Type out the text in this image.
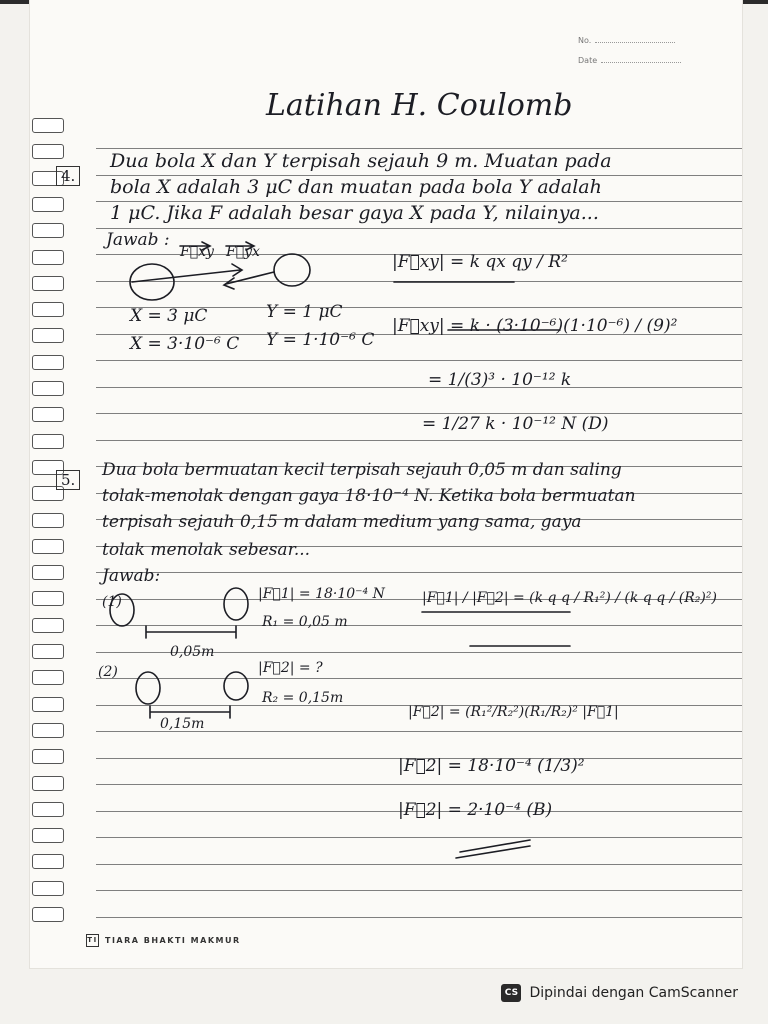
No.
Date
Latihan H. Coulomb
4.
Dua bola X dan Y terpisah sejauh 9 m. Muatan pada
bola X adalah 3 μC dan muatan pada bola Y adalah
1 μC. Jika F adalah besar gaya X pada Y, nilainya...
Jawab :
F⃗xy F⃗yx
X = 3 μC
X = 3·10⁻⁶ C
Y = 1 μC
Y = 1·10⁻⁶ C
|F⃗xy| = k qx qy / R²
|F⃗xy| = k · (3·10⁻⁶)(1·10⁻⁶) / (9)²
= 1/(3)³ · 10⁻¹² k
= 1/27 k · 10⁻¹² N (D)
5. Dua bola bermuatan kecil terpisah sejauh 0,05 m dan saling
tolak-menolak dengan gaya 18·10⁻⁴ N. Ketika bola bermuatan
terpisah sejauh 0,15 m dalam medium yang sama, gaya
tolak menolak sebesar...
Jawab:
(1)	|F⃗1| = 18·10⁻⁴ N
R₁ = 0,05 m
0,05m
(2)	|F⃗2| = ?
R₂ = 0,15m
0,15m
|F⃗1| / |F⃗2| = (k q q / R₁²) / (k q q / (R₂)²)
|F⃗2| = (R₁²/R₂²)(R₁/R₂)² |F⃗1|
|F⃗2| = 18·10⁻⁴ (1/3)²
|F⃗2| = 2·10⁻⁴ (B)
TI TIARA BHAKTI MAKMUR
CS Dipindai dengan CamScanner
